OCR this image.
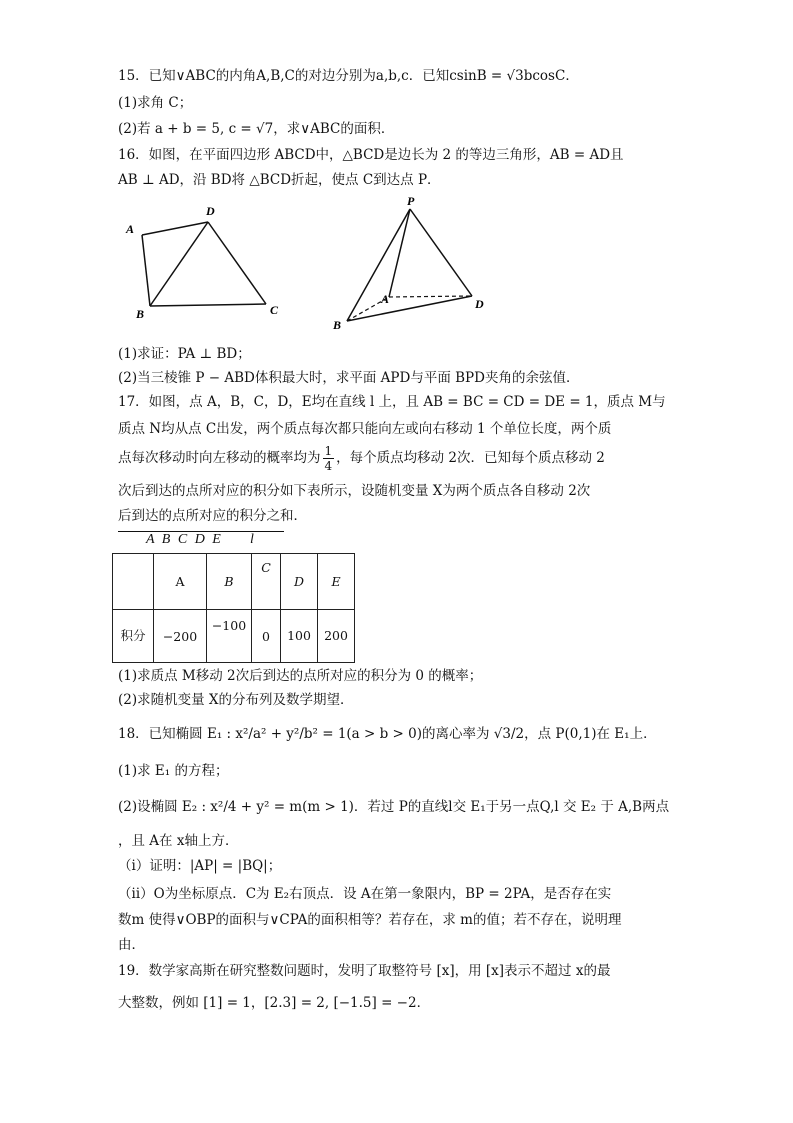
15．已知∨ABC的内角A,B,C的对边分别为a,b,c．已知csinB = √3bcosC．
(1)求角 C；
(2)若 a + b = 5, c = √7，求∨ABC的面积．
16．如图，在平面四边形 ABCD中，△BCD是边长为 2 的等边三角形，AB = AD且
AB ⊥ AD，沿 BD将 △BCD折起，使点 C到达点 P．
A
D
B	C
P
A
B
D
(1)求证：PA ⊥ BD；
(2)当三棱锥 P − ABD体积最大时，求平面 APD与平面 BPD夹角的余弦值．
17．如图，点 A，B，C，D，E均在直线 l 上，且 AB = BC = CD = DE = 1，质点 M与
质点 N均从点 C出发，两个质点每次都只能向左或向右移动 1 个单位长度，两个质
点每次移动时向左移动的概率均为 $\frac{1}{4}$ ，每个质点均移动 2次．已知每个质点移动 2
次后到达的点所对应的积分如下表所示，设随机变量 X为两个质点各自移动 2次
后到达的点所对应的积分之和．
A B C D E l
	A	B	C	D	E
积分	−200	−100	0	100	200
(1)求质点 M移动 2次后到达的点所对应的积分为 0 的概率；
(2)求随机变量 X的分布列及数学期望．
18．已知椭圆 E₁ : x²/a² + y²/b² = 1(a > b > 0)的离心率为 √3/2，点 P(0,1)在 E₁上．
(1)求 E₁ 的方程；
(2)设椭圆 E₂ : x²/4 + y² = m(m > 1)．若过 P的直线l交 E₁于另一点Q,l 交 E₂ 于 A,B两点
，且 A在 x轴上方．
（ⅰ）证明：|AP| = |BQ|；
（ⅱ）O为坐标原点．C为 E₂右顶点．设 A在第一象限内，BP = 2PA，是否存在实
数m 使得∨OBP的面积与∨CPA的面积相等？若存在，求 m的值；若不存在，说明理
由．
19．数学家高斯在研究整数问题时，发明了取整符号 [x]，用 [x]表示不超过 x的最
大整数，例如 [1] = 1，[2.3] = 2, [−1.5] = −2．
